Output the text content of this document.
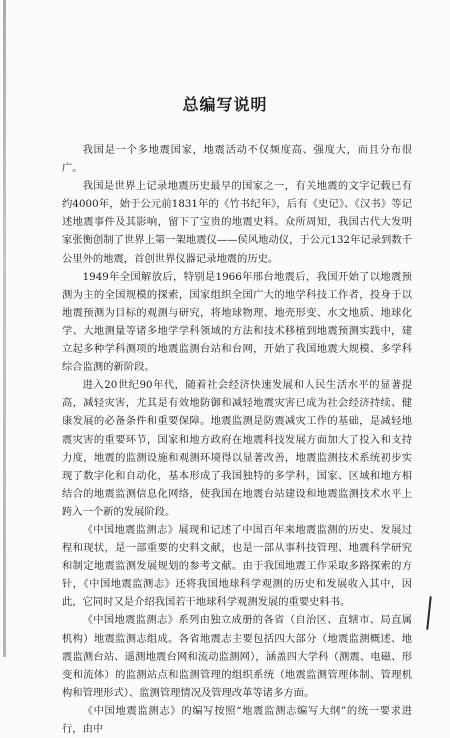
总编写说明

我国是一个多地震国家，地震活动不仅频度高、强度大，而且分布很广。

我国是世界上记录地震历史最早的国家之一，有关地震的文字记载已有约4000年，始于公元前1831年的《竹书纪年》，后有《史记》、《汉书》等记述地震事件及其影响，留下了宝贵的地震史料。众所周知，我国古代大发明家张衡创制了世界上第一架地震仪——侯风地动仪，于公元132年记录到数千公里外的地震，首创世界仪器记录地震的历史。

1949年全国解放后，特别是1966年邢台地震后，我国开始了以地震预测为主的全国规模的探索，国家组织全国广大的地学科技工作者，投身于以地震预测为目标的观测与研究，将地球物理、地壳形变、水文地质、地球化学、大地测量等诸多地学学科领域的方法和技术移植到地震预测实践中，建立起多种学科测项的地震监测台站和台网，开始了我国地震大规模、多学科综合监测的新阶段。

进入20世纪90年代，随着社会经济快速发展和人民生活水平的显著提高，减轻灾害，尤其是有效地防御和减轻地震灾害已成为社会经济持续、健康发展的必备条件和重要保障。地震监测是防震减灾工作的基础，是减轻地震灾害的重要环节，国家和地方政府在地震科技发展方面加大了投入和支持力度，地震的监测设施和观测环境得以显著改善，地震监测技术系统初步实现了数字化和自动化，基本形成了我国独特的多学科，国家、区域和地方相结合的地震监测信息化网络，使我国在地震台站建设和地震监测技术水平上跨入一个新的发展阶段。

《中国地震监测志》展现和记述了中国百年来地震监测的历史、发展过程和现状，是一部重要的史料文献，也是一部从事科技管理、地震科学研究和制定地震监测发展规划的参考文献。由于我国地震工作采取多路探索的方针，《中国地震监测志》还将我国地球科学观测的历史和发展收入其中，因此，它同时又是介绍我国若干地球科学观测发展的重要史料书。

《中国地震监测志》系列由独立成册的各省（自治区、直辖市、局直属机构）地震监测志组成。各省地震志主要包括四大部分（地震监测概述、地震监测台站、遥测地震台网和流动监测网），涵盖四大学科（测震、电磁、形变和流体）的监测站点和监测管理的组织系统（地震监测管理体制、管理机构和管理形式）、监测管理情况及管理改革等诸多方面。

《中国地震监测志》的编写按照“地震监测志编写大纲”的统一要求进行，由中
